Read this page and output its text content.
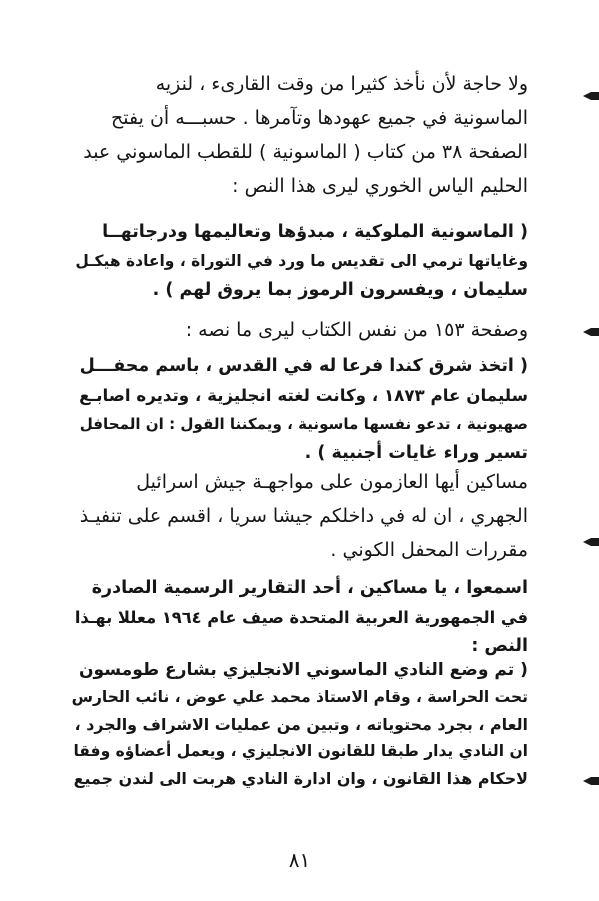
ولا حاجة لأن نأخذ كثيرا من وقت القارىء ، لنزيه
الماسونية في جميع عهودها وتآمرها . حسبـــه أن يفتح
الصفحة ٣٨ من كتاب ( الماسونية ) للقطب الماسوني عبد
الحليم الياس الخوري ليرى هذا النص :
( الماسونية الملوكية ، مبدؤها وتعاليمها ودرجاتهــا
وغاياتها ترمي الى تقديس ما ورد في التوراة ، واعادة هيكـل
سليمان ، ويفسرون الرموز بما يروق لهم ) .
وصفحة ١٥٣ من نفس الكتاب ليرى ما نصه :
( اتخذ شرق كندا فرعا له في القدس ، باسم محفـــل
سليمان عام ١٨٧٣ ، وكانت لغته انجليزية ، وتديره اصابـع
صهيونية ، تدعو نفسها ماسونية ، ويمكننا القول : ان المحافل
تسير وراء غايات أجنبية ) .
مساكين أيها العازمون على مواجهـة جيش اسرائيل
الجهري ، ان له في داخلكم جيشا سريا ، اقسم على تنفيـذ
مقررات المحفل الكوني .
اسمعوا ، يا مساكين ، أحد التقارير الرسمية الصادرة
في الجمهورية العربية المتحدة صيف عام ١٩٦٤ معللا بهـذا
النص :
( تم وضع النادي الماسوني الانجليزي بشارع طومسون
تحت الحراسة ، وقام الاستاذ محمد علي عوض ، نائب الحارس
العام ، بجرد محتوياته ، وتبين من عمليات الاشراف والجرد ،
ان النادي يدار طبقا للقانون الانجليزي ، ويعمل أعضاؤه وفقا
لاحكام هذا القانون ، وان ادارة النادي هربت الى لندن جميع
٨١
